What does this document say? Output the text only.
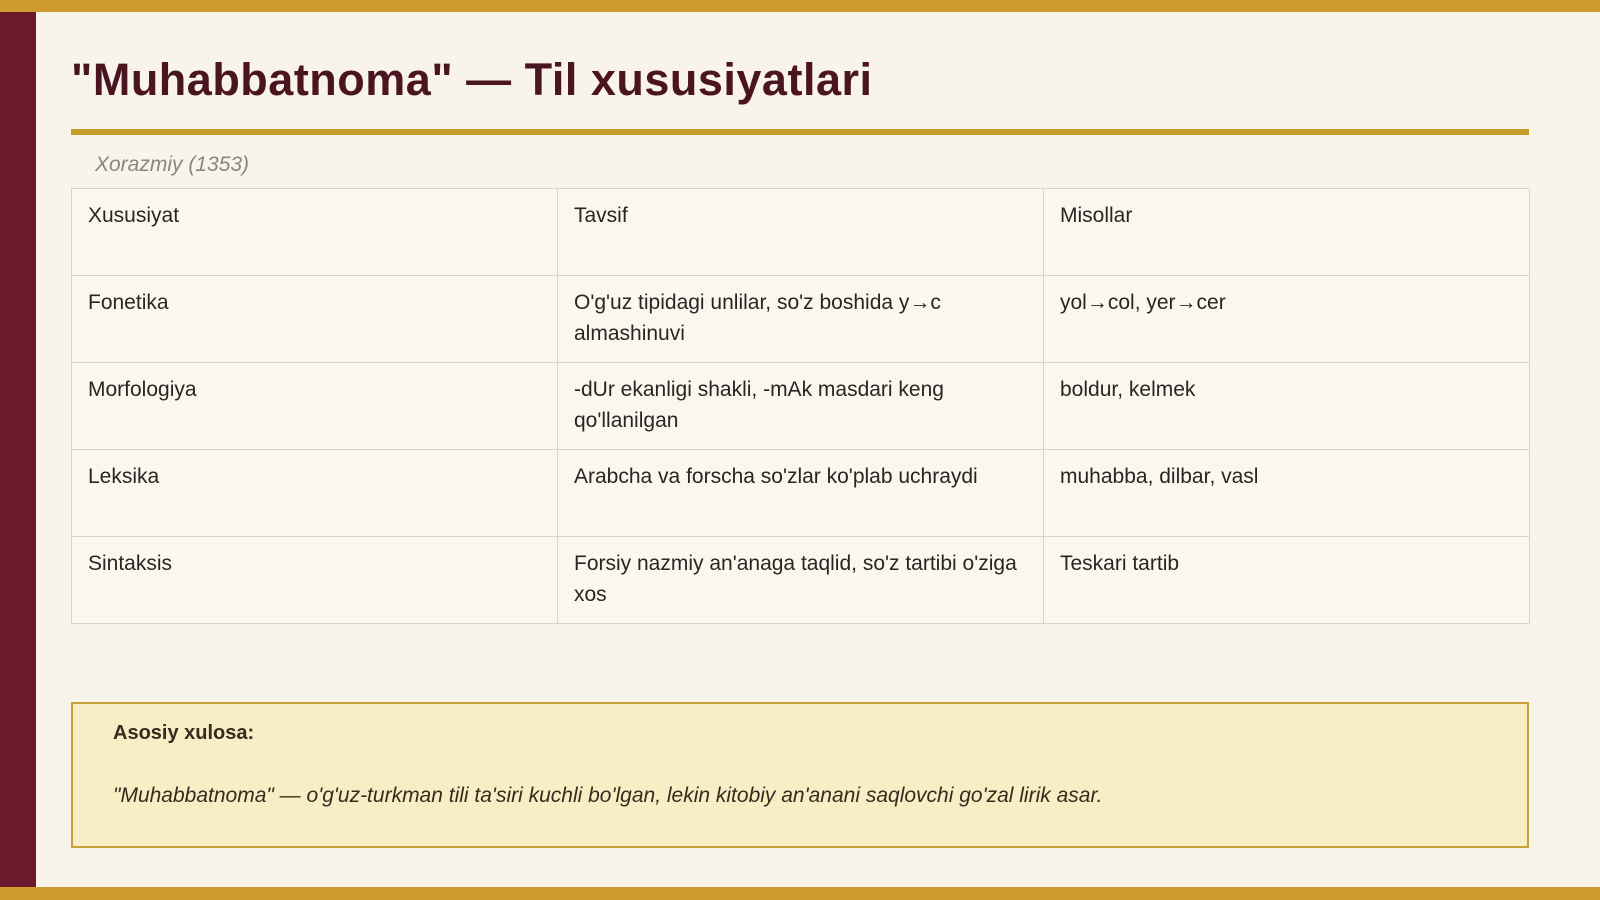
"Muhabbatnoma" — Til xususiyatlari
Xorazmiy (1353)
Xususiyat	Tavsif	Misollar
Fonetika	O'g'uz tipidagi unlilar, so'z boshida y→c almashinuvi	yol→col, yer→cer
Morfologiya	-dUr ekanligi shakli, -mAk masdari keng qo'llanilgan	boldur, kelmek
Leksika	Arabcha va forscha so'zlar ko'plab uchraydi	muhabba, dilbar, vasl
Sintaksis	Forsiy nazmiy an'anaga taqlid, so'z tartibi o'ziga xos	Teskari tartib
Asosiy xulosa:
"Muhabbatnoma" — o'g'uz-turkman tili ta'siri kuchli bo'lgan, lekin kitobiy an'anani saqlovchi go'zal lirik asar.
